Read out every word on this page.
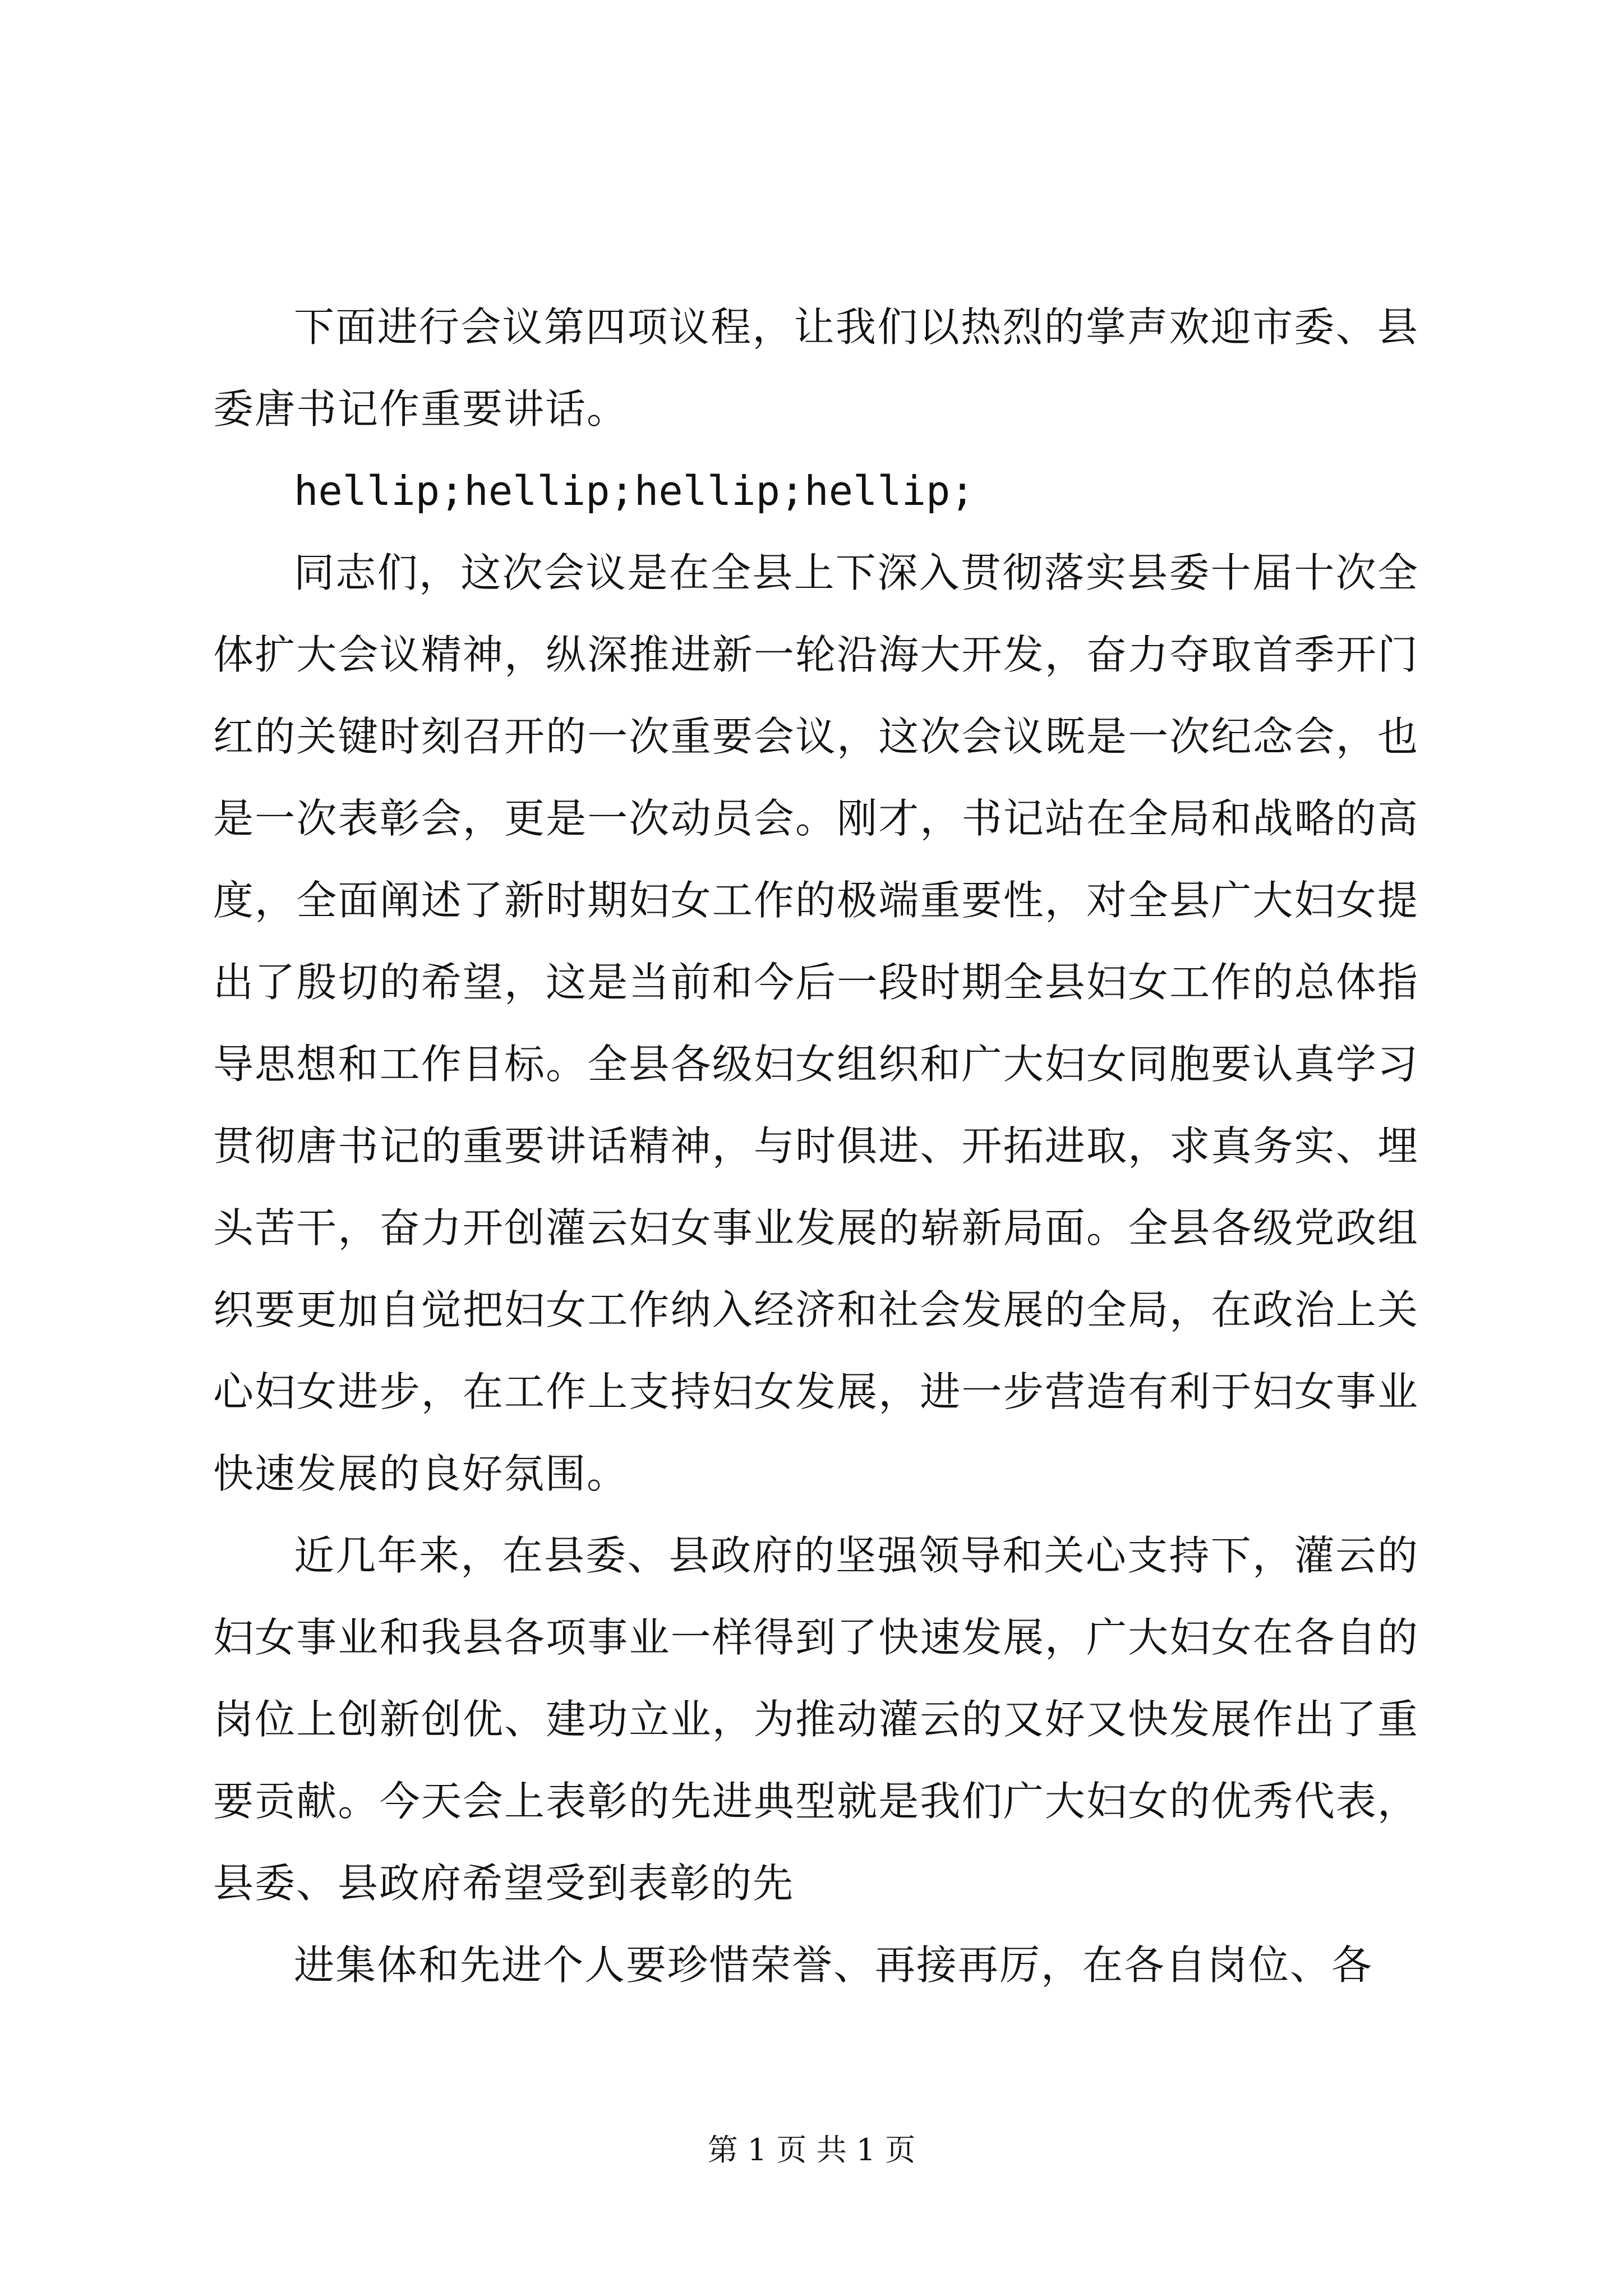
下面进行会议第四项议程，让我们以热烈的掌声欢迎市委、县委唐书记作重要讲话。

hellip;hellip;hellip;hellip;

同志们，这次会议是在全县上下深入贯彻落实县委十届十次全体扩大会议精神，纵深推进新一轮沿海大开发，奋力夺取首季开门红的关键时刻召开的一次重要会议，这次会议既是一次纪念会，也是一次表彰会，更是一次动员会。刚才，书记站在全局和战略的高度，全面阐述了新时期妇女工作的极端重要性，对全县广大妇女提出了殷切的希望，这是当前和今后一段时期全县妇女工作的总体指导思想和工作目标。全县各级妇女组织和广大妇女同胞要认真学习贯彻唐书记的重要讲话精神，与时俱进、开拓进取，求真务实、埋头苦干，奋力开创灌云妇女事业发展的崭新局面。全县各级党政组织要更加自觉把妇女工作纳入经济和社会发展的全局，在政治上关心妇女进步，在工作上支持妇女发展，进一步营造有利于妇女事业快速发展的良好氛围。

近几年来，在县委、县政府的坚强领导和关心支持下，灌云的妇女事业和我县各项事业一样得到了快速发展，广大妇女在各自的岗位上创新创优、建功立业，为推动灌云的又好又快发展作出了重要贡献。今天会上表彰的先进典型就是我们广大妇女的优秀代表，县委、县政府希望受到表彰的先

进集体和先进个人要珍惜荣誉、再接再厉，在各自岗位、各

第 1 页 共 1 页
